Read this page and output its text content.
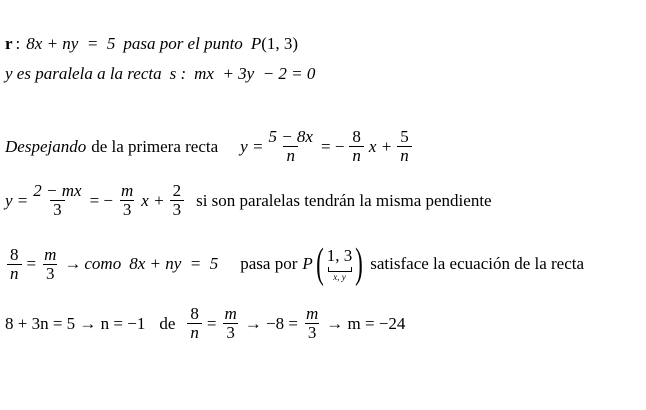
r : 8x + ny  =  5 pasa por el punto P (1, 3)
y es paralela a la recta s : mx  + 3y  − 2 = 0
Despejando de la primera recta $y = \frac{5 - 8x}{n}$ = − $\frac{8}{n}$ $x + \frac{5}{n}$
$y = \frac{2 - mx}{3}$ = − $\frac{m}{3}$ $x + \frac{2}{3}$ si son paralelas tendrán la misma pendiente
$\frac{8}{n} = \frac{m}{3}$ → como 8x + ny  =  5 pasa por P ( 1, 3
x, y ) satisface la ecuación de la recta
8 + 3n = 5 → n = −1 de $\frac{8}{n} = \frac{m}{3} \to -8 = \frac{m}{3} \to m = -24$
